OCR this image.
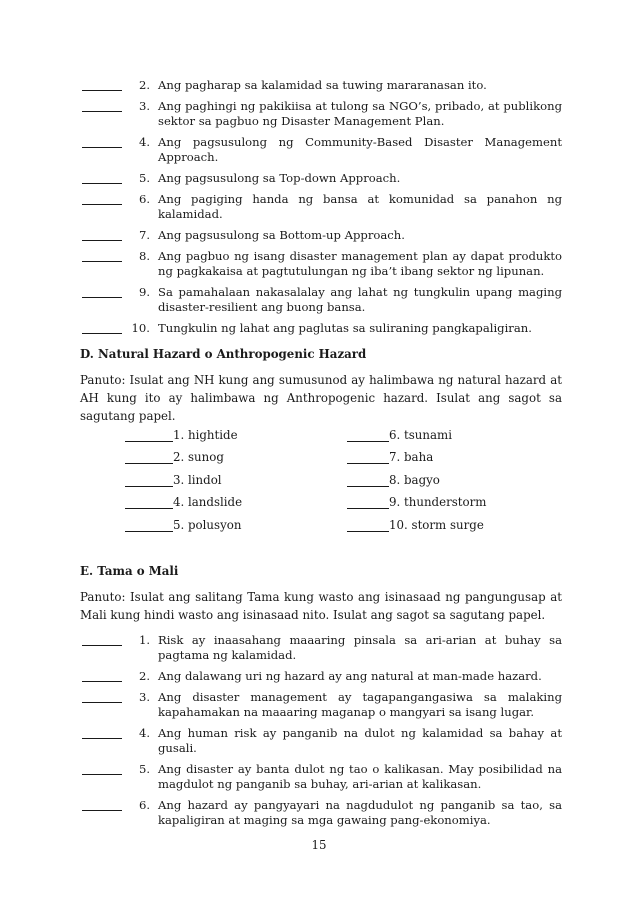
2. Ang pagharap sa kalamidad sa tuwing mararanasan ito.
3. Ang paghingi ng pakikiisa at tulong sa NGO’s, pribado, at publikong sektor sa pagbuo ng Disaster Management Plan.
4. Ang pagsusulong ng Community-Based Disaster Management Approach.
5. Ang pagsusulong sa Top-down Approach.
6. Ang pagiging handa ng bansa at komunidad sa panahon ng kalamidad.
7. Ang pagsusulong sa Bottom-up Approach.
8. Ang pagbuo ng isang disaster management plan ay dapat produkto ng pagkakaisa at pagtutulungan ng iba’t ibang sektor ng lipunan.
9. Sa pamahalaan nakasalalay ang lahat ng tungkulin upang maging disaster-resilient ang buong bansa.
10. Tungkulin ng lahat ang paglutas sa suliraning pangkapaligiran.
D. Natural Hazard o Anthropogenic Hazard
Panuto: Isulat ang NH kung ang sumusunod ay halimbawa ng natural hazard at AH kung ito ay halimbawa ng Anthropogenic hazard. Isulat ang sagot sa sagutang papel.
1. hightide	6. tsunami
2. sunog	7. baha
3. lindol	8. bagyo
4. landslide	9. thunderstorm
5. polusyon	10. storm surge
E. Tama o Mali
Panuto: Isulat ang salitang Tama kung wasto ang isinasaad ng pangungusap at Mali kung hindi wasto ang isinasaad nito. Isulat ang sagot sa sagutang papel.
1. Risk ay inaasahang maaaring pinsala sa ari-arian at buhay sa pagtama ng kalamidad.
2. Ang dalawang uri ng hazard ay ang natural at man-made hazard.
3. Ang disaster management ay tagapangangasiwa sa malaking kapahamakan na maaaring maganap o mangyari sa isang lugar.
4. Ang human risk ay panganib na dulot ng kalamidad sa bahay at gusali.
5. Ang disaster ay banta dulot ng tao o kalikasan. May posibilidad na magdulot ng panganib sa buhay, ari-arian at kalikasan.
6. Ang hazard ay pangyayari na nagdudulot ng panganib sa tao, sa kapaligiran at maging sa mga gawaing pang-ekonomiya.
15
